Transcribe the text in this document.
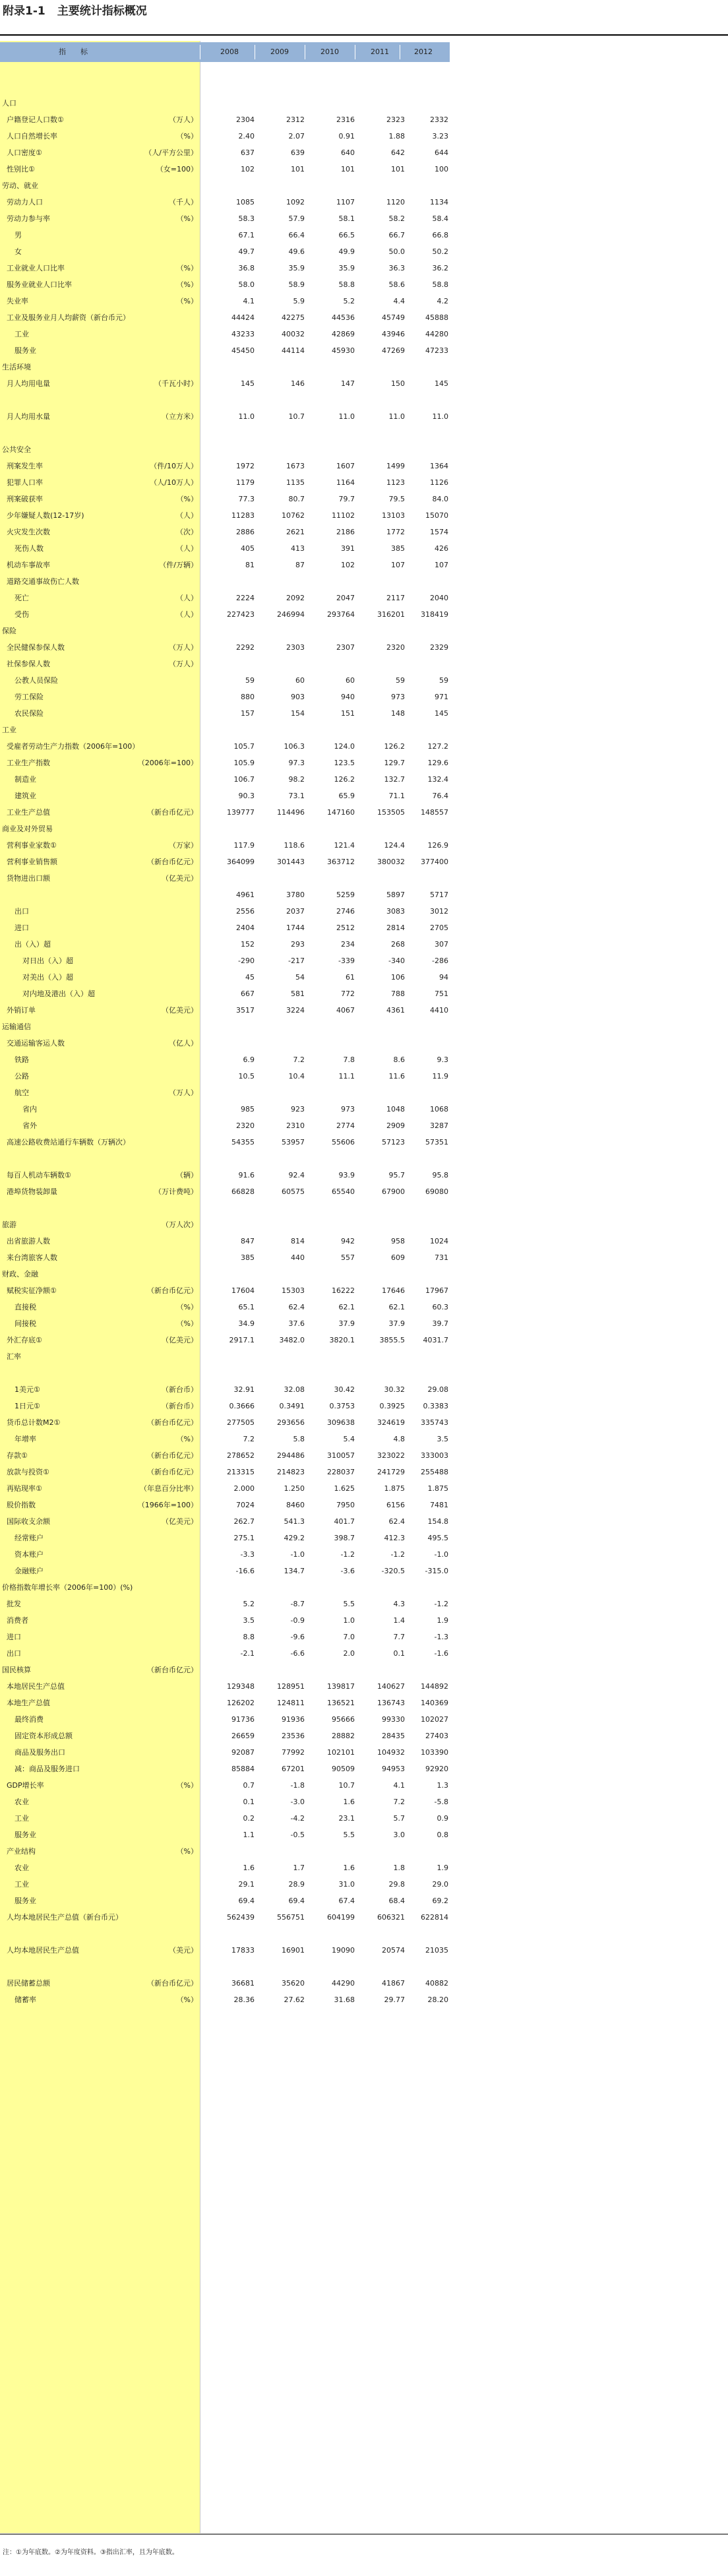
附录1-1 主要统计指标概况
指　　标	2008	2009	2010	2011	2012
人口
户籍登记人口数①	（万人）	2304	2312	2316	2323	2332
人口自然增长率	（%）	2.40	2.07	0.91	1.88	3.23
人口密度①	（人/平方公里）	637	639	640	642	644
性别比①	（女=100）	102	101	101	101	100
劳动、就业
劳动力人口	（千人）	1085	1092	1107	1120	1134
劳动力参与率	（%）	58.3	57.9	58.1	58.2	58.4
男	67.1	66.4	66.5	66.7	66.8
女	49.7	49.6	49.9	50.0	50.2
工业就业人口比率	（%）	36.8	35.9	35.9	36.3	36.2
服务业就业人口比率	（%）	58.0	58.9	58.8	58.6	58.8
失业率	（%）	4.1	5.9	5.2	4.4	4.2
工业及服务业月人均薪资（新台币元）	44424	42275	44536	45749	45888
工业	43233	40032	42869	43946	44280
服务业	45450	44114	45930	47269	47233
生活环境
月人均用电量	（千瓦小时）	145	146	147	150	145
月人均用水量	（立方米）	11.0	10.7	11.0	11.0	11.0
公共安全
刑案发生率	（件/10万人）	1972	1673	1607	1499	1364
犯罪人口率	（人/10万人）	1179	1135	1164	1123	1126
刑案破获率	（%）	77.3	80.7	79.7	79.5	84.0
少年嫌疑人数(12-17岁)	（人）	11283	10762	11102	13103	15070
火灾发生次数	（次）	2886	2621	2186	1772	1574
死伤人数	（人）	405	413	391	385	426
机动车事故率	（件/万辆）	81	87	102	107	107
道路交通事故伤亡人数
死亡	（人）	2224	2092	2047	2117	2040
受伤	（人）	227423	246994	293764	316201	318419
保险
全民健保参保人数	（万人）	2292	2303	2307	2320	2329
社保参保人数	（万人）
公教人员保险	59	60	60	59	59
劳工保险	880	903	940	973	971
农民保险	157	154	151	148	145
工业
受雇者劳动生产力指数（2006年=100）	105.7	106.3	124.0	126.2	127.2
工业生产指数	（2006年=100）	105.9	97.3	123.5	129.7	129.6
制造业	106.7	98.2	126.2	132.7	132.4
建筑业	90.3	73.1	65.9	71.1	76.4
工业生产总值	（新台币亿元）	139777	114496	147160	153505	148557
商业及对外贸易
营利事业家数①	（万家）	117.9	118.6	121.4	124.4	126.9
营利事业销售额	（新台币亿元）	364099	301443	363712	380032	377400
货物进出口额	（亿美元）
4961	3780	5259	5897	5717
出口	2556	2037	2746	3083	3012
进口	2404	1744	2512	2814	2705
出（入）超	152	293	234	268	307
对日出（入）超	-290	-217	-339	-340	-286
对美出（入）超	45	54	61	106	94
对内地及港出（入）超	667	581	772	788	751
外销订单	（亿美元）	3517	3224	4067	4361	4410
运输通信
交通运输客运人数	（亿人）
铁路	6.9	7.2	7.8	8.6	9.3
公路	10.5	10.4	11.1	11.6	11.9
航空	（万人）
省内	985	923	973	1048	1068
省外	2320	2310	2774	2909	3287
高速公路收费站通行车辆数（万辆次）	54355	53957	55606	57123	57351
每百人机动车辆数①	（辆）	91.6	92.4	93.9	95.7	95.8
港埠货物装卸量	（万计费吨）	66828	60575	65540	67900	69080
旅游	（万人次）
出省旅游人数	847	814	942	958	1024
来台湾旅客人数	385	440	557	609	731
财政、金融
赋税实征净额①	（新台币亿元）	17604	15303	16222	17646	17967
直接税	（%）	65.1	62.4	62.1	62.1	60.3
间接税	（%）	34.9	37.6	37.9	37.9	39.7
外汇存底①	（亿美元）	2917.1	3482.0	3820.1	3855.5	4031.7
汇率
1美元①	（新台币）	32.91	32.08	30.42	30.32	29.08
1日元①	（新台币）	0.3666	0.3491	0.3753	0.3925	0.3383
货币总计数M2①	（新台币亿元）	277505	293656	309638	324619	335743
年增率	（%）	7.2	5.8	5.4	4.8	3.5
存款①	（新台币亿元）	278652	294486	310057	323022	333003
放款与投资①	（新台币亿元）	213315	214823	228037	241729	255488
再贴现率①	（年息百分比率）	2.000	1.250	1.625	1.875	1.875
股价指数	（1966年=100）	7024	8460	7950	6156	7481
国际收支余额	（亿美元）	262.7	541.3	401.7	62.4	154.8
经常账户	275.1	429.2	398.7	412.3	495.5
资本账户	-3.3	-1.0	-1.2	-1.2	-1.0
金融账户	-16.6	134.7	-3.6	-320.5	-315.0
价格指数年增长率（2006年=100）(%)
批发	5.2	-8.7	5.5	4.3	-1.2
消费者	3.5	-0.9	1.0	1.4	1.9
进口	8.8	-9.6	7.0	7.7	-1.3
出口	-2.1	-6.6	2.0	0.1	-1.6
国民核算	（新台币亿元）
本地居民生产总值	129348	128951	139817	140627	144892
本地生产总值	126202	124811	136521	136743	140369
最终消费	91736	91936	95666	99330	102027
固定资本形成总额	26659	23536	28882	28435	27403
商品及服务出口	92087	77992	102101	104932	103390
减：商品及服务进口	85884	67201	90509	94953	92920
GDP增长率	（%）	0.7	-1.8	10.7	4.1	1.3
农业	0.1	-3.0	1.6	7.2	-5.8
工业	0.2	-4.2	23.1	5.7	0.9
服务业	1.1	-0.5	5.5	3.0	0.8
产业结构	（%）
农业	1.6	1.7	1.6	1.8	1.9
工业	29.1	28.9	31.0	29.8	29.0
服务业	69.4	69.4	67.4	68.4	69.2
人均本地居民生产总值（新台币元）	562439	556751	604199	606321	622814
人均本地居民生产总值	（美元）	17833	16901	19090	20574	21035
居民储蓄总额	（新台币亿元）	36681	35620	44290	41867	40882
储蓄率	（%）	28.36	27.62	31.68	29.77	28.20
注：①为年底数。②为年度资料。③指出汇率，且为年底数。
